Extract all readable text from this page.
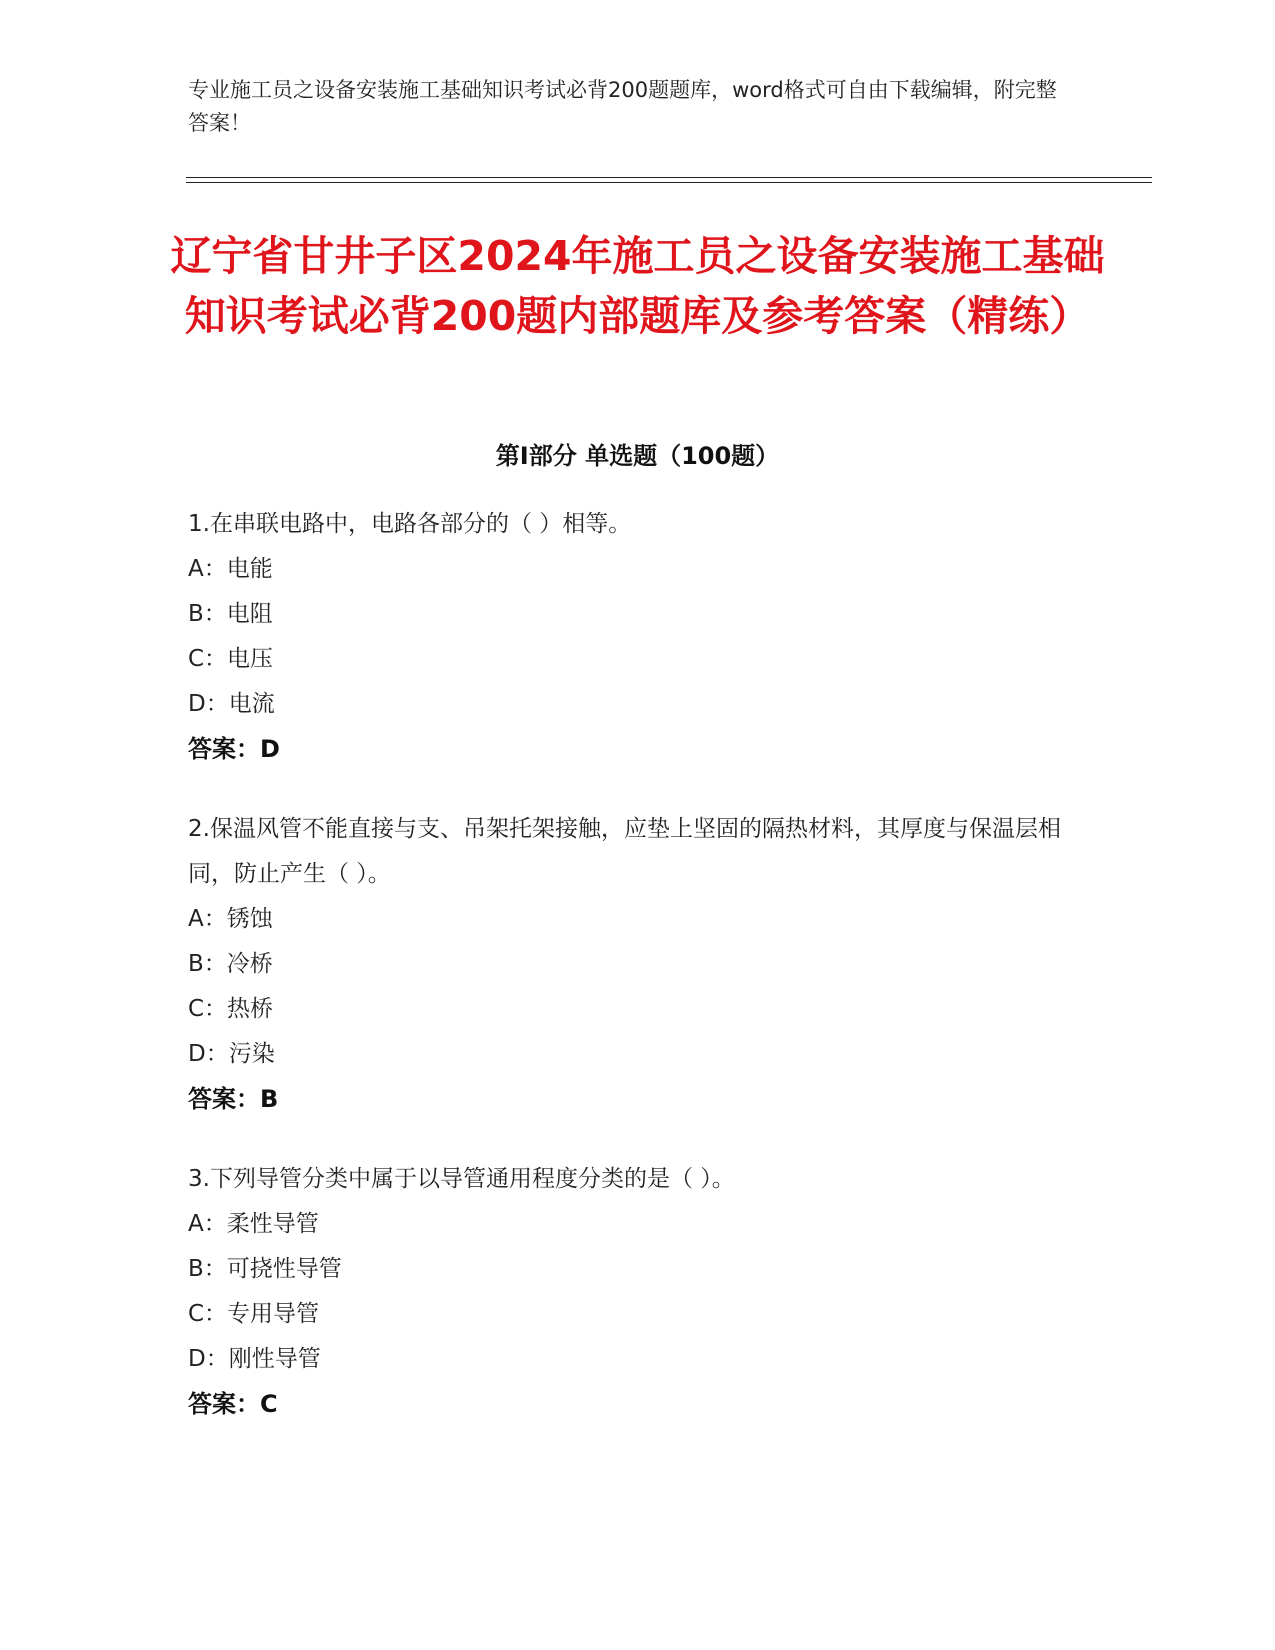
专业施工员之设备安装施工基础知识考试必背200题题库，word格式可自由下载编辑，附完整答案！
辽宁省甘井子区2024年施工员之设备安装施工基础知识考试必背200题内部题库及参考答案（精练）
第I部分 单选题（100题）

1.在串联电路中，电路各部分的（ ）相等。

A：电能

B：电阻

C：电压

D：电流

答案：D

2.保温风管不能直接与支、吊架托架接触，应垫上坚固的隔热材料，其厚度与保温层相同，防止产生（ ）。

A：锈蚀

B：冷桥

C：热桥

D：污染

答案：B

3.下列导管分类中属于以导管通用程度分类的是（ ）。

A：柔性导管

B：可挠性导管

C：专用导管

D：刚性导管

答案：C
